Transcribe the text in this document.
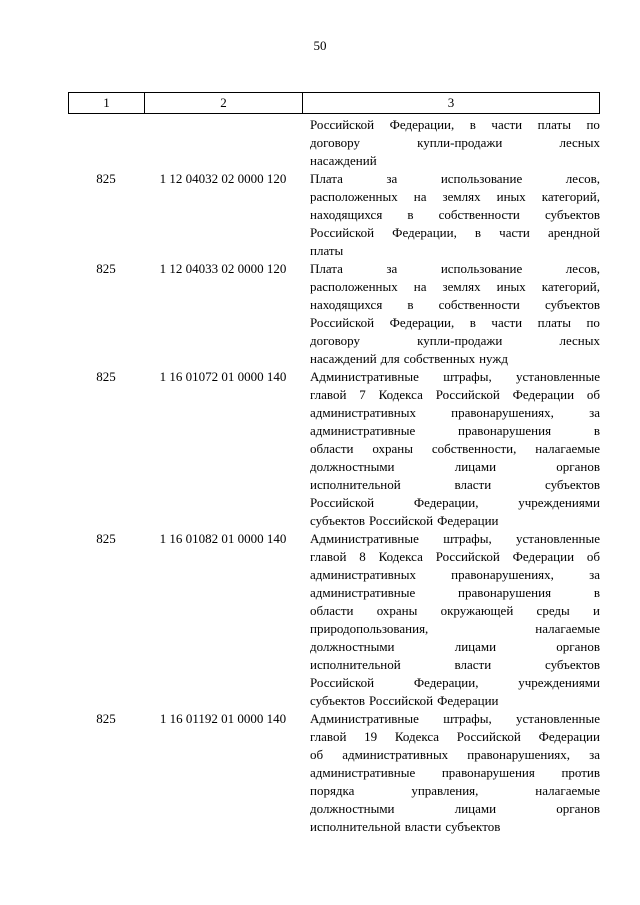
50
1	2	3
Российской Федерации, в части платы по
договору	купли-продажи	лесных
насаждений
825	1 12 04032 02 0000 120	Плата	за	использование	лесов,
расположенных на землях иных категорий,
находящихся в собственности субъектов
Российской Федерации, в части арендной
платы
825	1 12 04033 02 0000 120	Плата	за	использование	лесов,
расположенных на землях иных категорий,
находящихся в собственности субъектов
Российской Федерации, в части платы по
договору	купли-продажи	лесных
насаждений для собственных нужд
825	1 16 01072 01 0000 140	Административные штрафы, установленные
главой 7 Кодекса Российской Федерации об
административных	правонарушениях,	за
административные	правонарушения	в
области охраны собственности, налагаемые
должностными	лицами	органов
исполнительной	власти	субъектов
Российской	Федерации,	учреждениями
субъектов Российской Федерации
825	1 16 01082 01 0000 140	Административные штрафы, установленные
главой 8 Кодекса Российской Федерации об
административных	правонарушениях,	за
административные	правонарушения	в
области охраны окружающей среды и
природопользования,	налагаемые
должностными	лицами	органов
исполнительной	власти	субъектов
Российской	Федерации,	учреждениями
субъектов Российской Федерации
825	1 16 01192 01 0000 140	Административные штрафы, установленные
главой 19 Кодекса Российской Федерации
об административных правонарушениях, за
административные правонарушения против
порядка	управления,	налагаемые
должностными	лицами	органов
исполнительной власти субъектов
